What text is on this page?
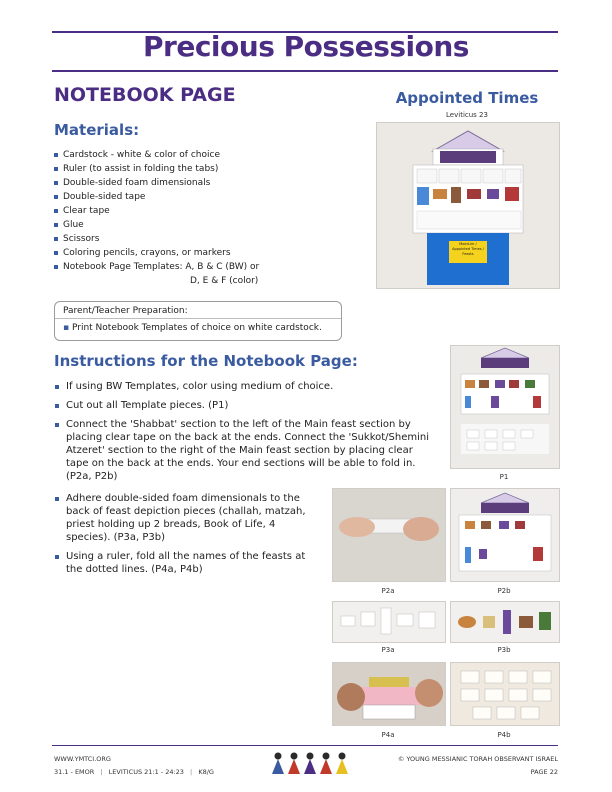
Precious Possessions
NOTEBOOK PAGE
Materials:
Cardstock - white & color of choice
Ruler (to assist in folding the tabs)
Double-sided foam dimensionals
Double-sided tape
Clear tape
Glue
Scissors
Coloring pencils, crayons, or markers
Notebook Page Templates: A, B & C (BW) or
D, E & F (color)
Parent/Teacher Preparation:
▪ Print Notebook Templates of choice on white cardstock.
Instructions for the Notebook Page:
If using BW Templates, color using medium of choice.
Cut out all Template pieces. (P1)
Connect the 'Shabbat' section to the left of the Main feast section by placing clear tape on the back at the ends. Connect the 'Sukkot/Shemini Atzeret' section to the right of the Main feast section by placing clear tape on the back at the ends. Your end sections will be able to fold in. (P2a, P2b)
Adhere double-sided foam dimensionals to the back of feast depiction pieces (challah, matzah, priest holding up 2 breads, Book of Life, 4 species). (P3a, P3b)
Using a ruler, fold all the names of the feasts at the dotted lines. (P4a, P4b)
Appointed Times
Leviticus 23
Moed-im / Appointed Times / Feasts
P1
P2a	P2b
P3a	P3b
P4a	P4b
WWW.YMTCI.ORG
31.1 - EMOR | LEVITICUS 21:1 - 24:23 | K8/G
© YOUNG MESSIANIC TORAH OBSERVANT ISRAEL
PAGE 22
